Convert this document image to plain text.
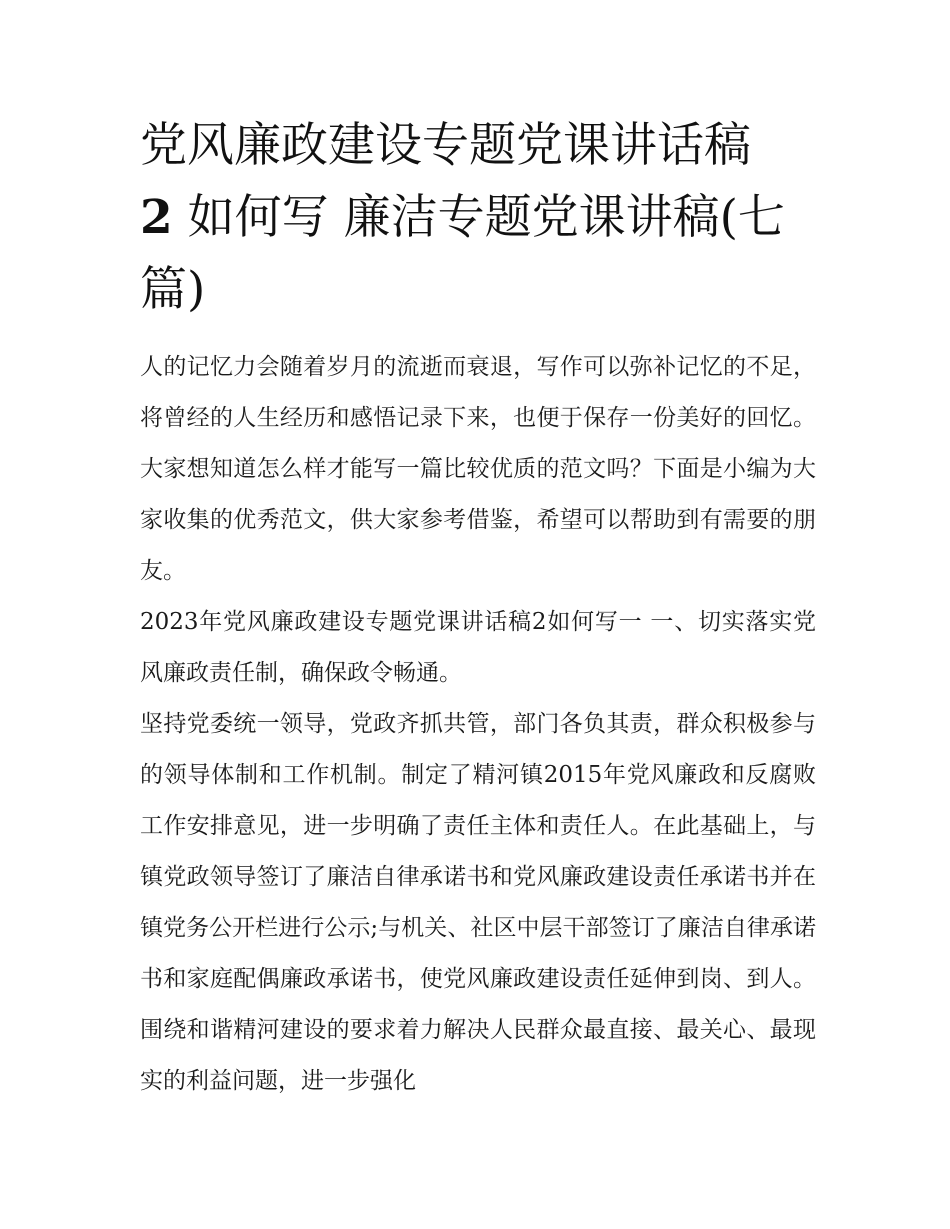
党风廉政建设专题党课讲话稿
2 如何写 廉洁专题党课讲稿(七篇)

人的记忆力会随着岁月的流逝而衰退，写作可以弥补记忆的不足，将曾经的人生经历和感悟记录下来，也便于保存一份美好的回忆。大家想知道怎么样才能写一篇比较优质的范文吗？下面是小编为大家收集的优秀范文，供大家参考借鉴，希望可以帮助到有需要的朋友。

2023年党风廉政建设专题党课讲话稿2如何写一 一、切实落实党风廉政责任制，确保政令畅通。

坚持党委统一领导，党政齐抓共管，部门各负其责，群众积极参与的领导体制和工作机制。制定了精河镇2015年党风廉政和反腐败工作安排意见，进一步明确了责任主体和责任人。在此基础上，与镇党政领导签订了廉洁自律承诺书和党风廉政建设责任承诺书并在镇党务公开栏进行公示;与机关、社区中层干部签订了廉洁自律承诺书和家庭配偶廉政承诺书，使党风廉政建设责任延伸到岗、到人。围绕和谐精河建设的要求着力解决人民群众最直接、最关心、最现实的利益问题，进一步强化
